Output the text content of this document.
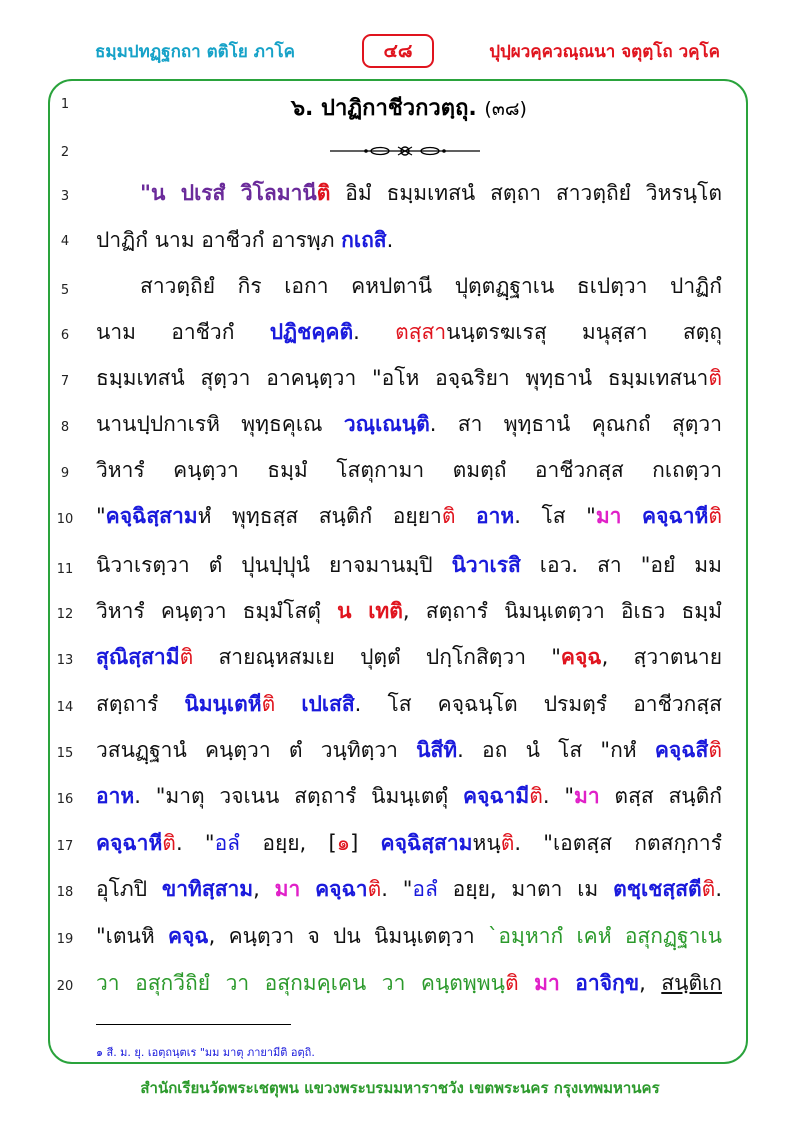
ธมฺมปทฏฺฐกถา ตติโย ภาโค	๔๘	ปุปฺผวคฺควณฺณนา จตุตฺโถ วคฺโค
1
2
3
4
5
6
7
8
9
10
11
12
13
14
15
16
17
18
19
20
๖. ปาฏิกาชีวกวตฺถุ. (๓๘)
"น ปเรสํ วิโลมานีติ อิมํ ธมฺมเทสนํ สตฺถา สาวตฺถิยํ วิหรนฺโต
ปาฏิกํ นาม อาชีวกํ อารพฺภ กเถสิ.
สาวตฺถิยํ กิร เอกา คหปตานี ปุตฺตฏฺฐาเน ธเปตฺวา ปาฏิกํ
นาม อาชีวกํ ปฏิชคฺคติ. ตสฺสานนฺตรฆเรสุ มนุสฺสา สตฺถุ
ธมฺมเทสนํ สุตฺวา อาคนฺตฺวา "อโห อจฺฉริยา พุทฺธานํ ธมฺมเทสนาติ
นานปฺปกาเรหิ พุทฺธคุเณ วณฺเณนฺติ. สา พุทฺธานํ คุณกถํ สุตฺวา
วิหารํ คนฺตฺวา ธมฺมํ โสตุกามา ตมตฺถํ อาชีวกสฺส กเถตฺวา
"คจฺฉิสฺสามหํ พุทฺธสฺส สนฺติกํ อยฺยาติ อาห. โส "มา คจฺฉาหีติ
นิวาเรตฺวา ตํ ปุนปฺปุนํ ยาจมานมฺปิ นิวาเรสิ เอว. สา "อยํ มม
วิหารํ คนฺตฺวา ธมฺมํโสตุํ น เทติ, สตฺถารํ นิมนฺเตตฺวา อิเธว ธมฺมํ
สุณิสฺสามีติ สายณฺหสมเย ปุตฺตํ ปกฺโกสิตฺวา "คจฺฉ, สฺวาตนาย
สตฺถารํ นิมนฺเตหีติ เปเสสิ. โส คจฺฉนฺโต ปรมตฺรํ อาชีวกสฺส
วสนฏฺฐานํ คนฺตฺวา ตํ วนฺทิตฺวา นิสีทิ. อถ นํ โส "กหํ คจฺฉสีติ
อาห. "มาตุ วจเนน สตฺถารํ นิมนฺเตตุํ คจฺฉามีติ. "มา ตสฺส สนฺติกํ
คจฺฉาหีติ. "อลํ อยฺย, [๑] คจฺฉิสฺสามหนฺติ. "เอตสฺส กตสกฺการํ
อุโภปิ ขาทิสฺสาม, มา คจฺฉาติ. "อลํ อยฺย, มาตา เม ตชฺเชสฺสตีติ.
"เตนหิ คจฺฉ, คนฺตฺวา จ ปน นิมนฺเตตฺวา `อมฺหากํ เคหํ อสุกฏฺฐาเน
วา อสุกวีถิยํ วา อสุกมคฺเคน วา คนฺตพฺพนฺติ มา อาจิกฺข, สนฺติเก
๑ สี. ม. ยุ. เอตฺถนฺตเร "มม มาตุ ภายามีติ อตฺถิ.
สำนักเรียนวัดพระเชตุพน แขวงพระบรมมหาราชวัง เขตพระนคร กรุงเทพมหานคร
